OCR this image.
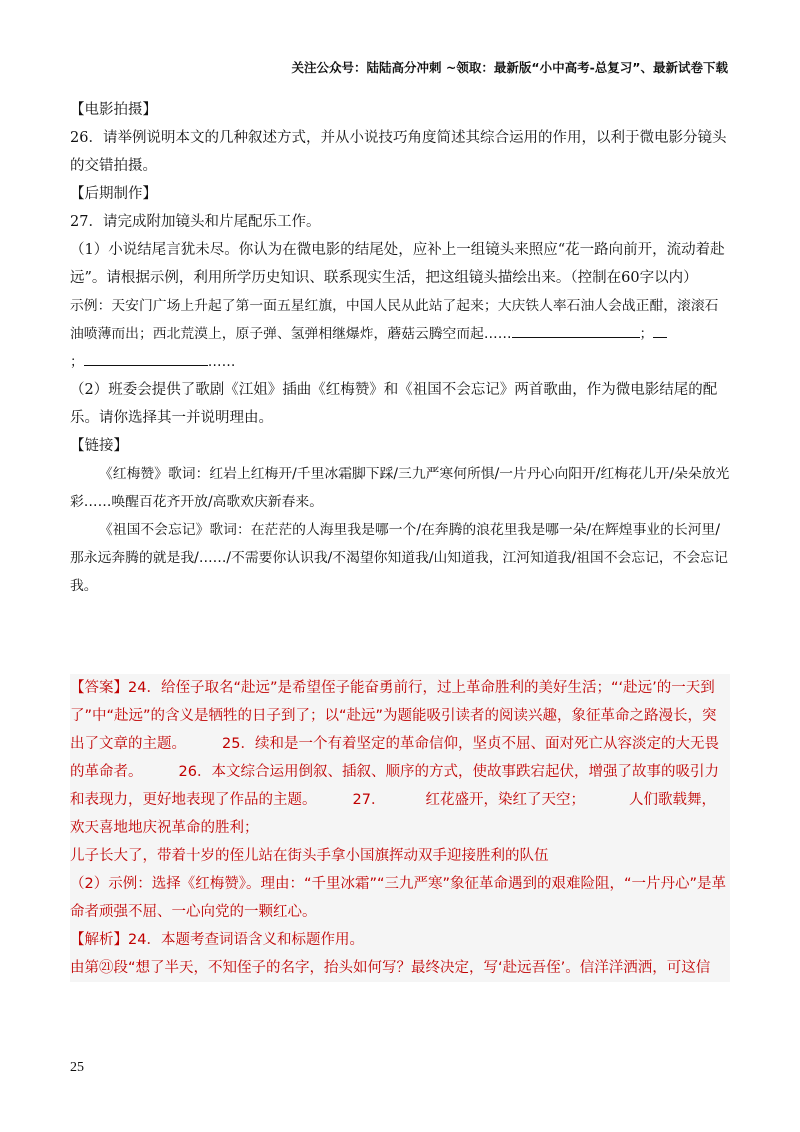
关注公众号：陆陆高分冲刺 ~领取：最新版“小中高考-总复习”、最新试卷下载

【电影拍摄】

26．请举例说明本文的几种叙述方式，并从小说技巧角度简述其综合运用的作用，以利于微电影分镜头的交错拍摄。

【后期制作】

27．请完成附加镜头和片尾配乐工作。

（1）小说结尾言犹未尽。你认为在微电影的结尾处，应补上一组镜头来照应“花一路向前开，流动着赴远”。请根据示例，利用所学历史知识、联系现实生活，把这组镜头描绘出来。（控制在60字以内）

示例：天安门广场上升起了第一面五星红旗，中国人民从此站了起来；大庆铁人率石油人会战正酣，滚滚石油喷薄而出；西北荒漠上，原子弹、氢弹相继爆炸，蘑菇云腾空而起……	；
；	……

（2）班委会提供了歌剧《江姐》插曲《红梅赞》和《祖国不会忘记》两首歌曲，作为微电影结尾的配乐。请你选择其一并说明理由。

【链接】

《红梅赞》歌词：红岩上红梅开/千里冰霜脚下踩/三九严寒何所惧/一片丹心向阳开/红梅花儿开/朵朵放光彩……唤醒百花齐开放/高歌欢庆新春来。

《祖国不会忘记》歌词：在茫茫的人海里我是哪一个/在奔腾的浪花里我是哪一朵/在辉煌事业的长河里/那永远奔腾的就是我/……/不需要你认识我/不渴望你知道我/山知道我，江河知道我/祖国不会忘记，不会忘记我。

【答案】24．给侄子取名“赴远”是希望侄子能奋勇前行，过上革命胜利的美好生活；“‘赴远’的一天到了”中“赴远”的含义是牺牲的日子到了；以“赴远”为题能吸引读者的阅读兴趣，象征革命之路漫长，突出了文章的主题。 25．续和是一个有着坚定的革命信仰，坚贞不屈、面对死亡从容淡定的大无畏的革命者。 26．本文综合运用倒叙、插叙、顺序的方式，使故事跌宕起伏，增强了故事的吸引力和表现力，更好地表现了作品的主题。 27．	红花盛开，染红了天空；	人们歌载舞，欢天喜地地庆祝革命的胜利；

儿子长大了，带着十岁的侄儿站在街头手拿小国旗挥动双手迎接胜利的队伍

（2）示例：选择《红梅赞》。理由：“千里冰霜”“三九严寒”象征革命遇到的艰难险阻，“一片丹心”是革命者顽强不屈、一心向党的一颗红心。

【解析】24．本题考查词语含义和标题作用。

由第㉑段“想了半天，不知侄子的名字，抬头如何写？最终决定，写‘赴远吾侄’。信洋洋洒洒，可这信

25
